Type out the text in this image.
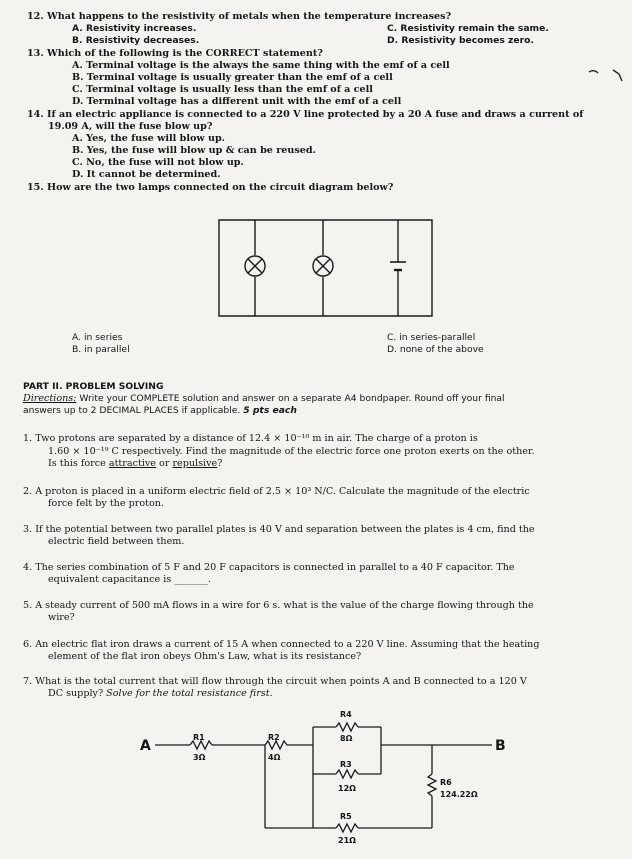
12. What happens to the resistivity of metals when the temperature increases?
A. Resistivity increases.
B. Resistivity decreases.
C. Resistivity remain the same.
D. Resistivity becomes zero.
13. Which of the following is the CORRECT statement?
A. Terminal voltage is the always the same thing with the emf of a cell
B. Terminal voltage is usually greater than the emf of a cell
C. Terminal voltage is usually less than the emf of a cell
D. Terminal voltage has a different unit with the emf of a cell
14. If an electric appliance is connected to a 220 V line protected by a 20 A fuse and draws a current of
19.09 A, will the fuse blow up?
A. Yes, the fuse will blow up.
B. Yes, the fuse will blow up & can be reused.
C. No, the fuse will not blow up.
D. It cannot be determined.
15. How are the two lamps connected on the circuit diagram below?
A. in series
B. in parallel
C. in series-parallel
D. none of the above
PART II. PROBLEM SOLVING
Directions: Write your COMPLETE solution and answer on a separate A4 bondpaper. Round off your final
answers up to 2 DECIMAL PLACES if applicable. 5 pts each
1. Two protons are separated by a distance of 12.4 × 10⁻¹⁰ m in air. The charge of a proton is
1.60 × 10⁻¹⁹ C respectively. Find the magnitude of the electric force one proton exerts on the other.
Is this force attractive or repulsive?
2. A proton is placed in a uniform electric field of 2.5 × 10³ N/C. Calculate the magnitude of the electric
force felt by the proton.
3. If the potential between two parallel plates is 40 V and separation between the plates is 4 cm, find the
electric field between them.
4. The series combination of 5 F and 20 F capacitors is connected in parallel to a 40 F capacitor. The
equivalent capacitance is _______.
5. A steady current of 500 mA flows in a wire for 6 s. what is the value of the charge flowing through the
wire?
6. An electric flat iron draws a current of 15 A when connected to a 220 V line. Assuming that the heating
element of the flat iron obeys Ohm's Law, what is its resistance?
7. What is the total current that will flow through the circuit when points A and B connected to a 120 V
DC supply? Solve for the total resistance first.
A	B
R1
3Ω
R2
4Ω
R4
8Ω
R3
12Ω
R6
124.22Ω
R5
21Ω
